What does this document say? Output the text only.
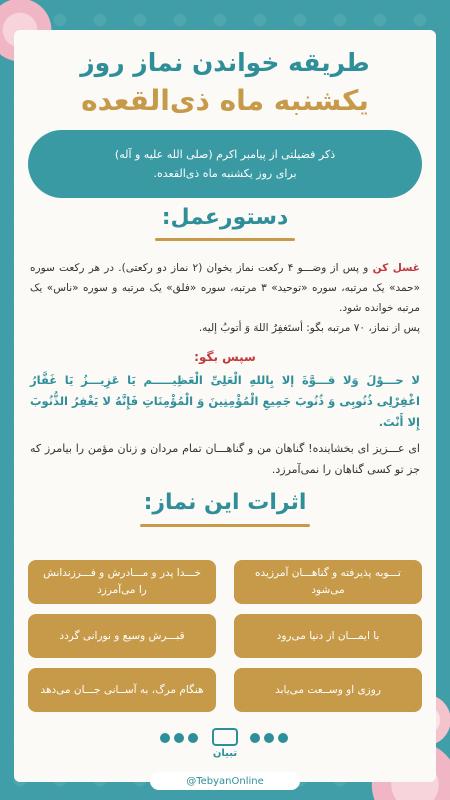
طریقه خواندن نماز روز
یکشنبه ماه ذی‌القعده
ذکر فضیلتی از پیامبر اکرم (صلی الله علیه و آله)
برای روز یکشنبه ماه ذی‌القعده.
دستورعمل:
غسل کن و پس از وضـــو ۴ رکعت نماز بخوان (۲ نماز دو رکعتی). در هر رکعت سوره «حمد» یک مرتبه، سوره «توحید» ۳ مرتبه، سوره «فلق» یک مرتبه و سوره «ناس» یک مرتبه خوانده شود.
پس از نماز، ۷۰ مرتبه بگو: أستَغفِرُ اللهَ وَ أتوبُ إلیه.
سپس بگو:
لا حـــوْلَ وَلا قـــوَّةَ إلا بِاللهِ الْعَلِیِّ الْعَظِیـــــم یَا عَزِیـــزُ یَا غَفَّارُ اغْفِرْلِی ذُنُوبِی وَ ذُنُوبَ جَمِیعِ الْمُؤْمِنِینَ وَ الْمُؤْمِنَاتِ فَإِنَّهُ لا یَغْفِرُ الذُّنُوبَ إِلا أَنْتَ.
ای عـــزیز ای بخشاینده! گناهان من و گناهـــان تمام مردان و زنان مؤمن را بیامرز که جز تو کسی گناهان را نمی‌آمرزد.
اثرات این نماز:
تـــوبه پذیرفته و گناهـــان آمرزیده می‌شود
خـــدا پدر و مـــادرش و فـــرزندانش را می‌آمرزد
با ایمـــان از دنیا می‌رود
قبـــرش وسیع و نورانی گردد
روزی او وســعت می‌یابد
هنگام مرگ، به آســانی جـــان می‌دهد
تبیان
@TebyanOnline
